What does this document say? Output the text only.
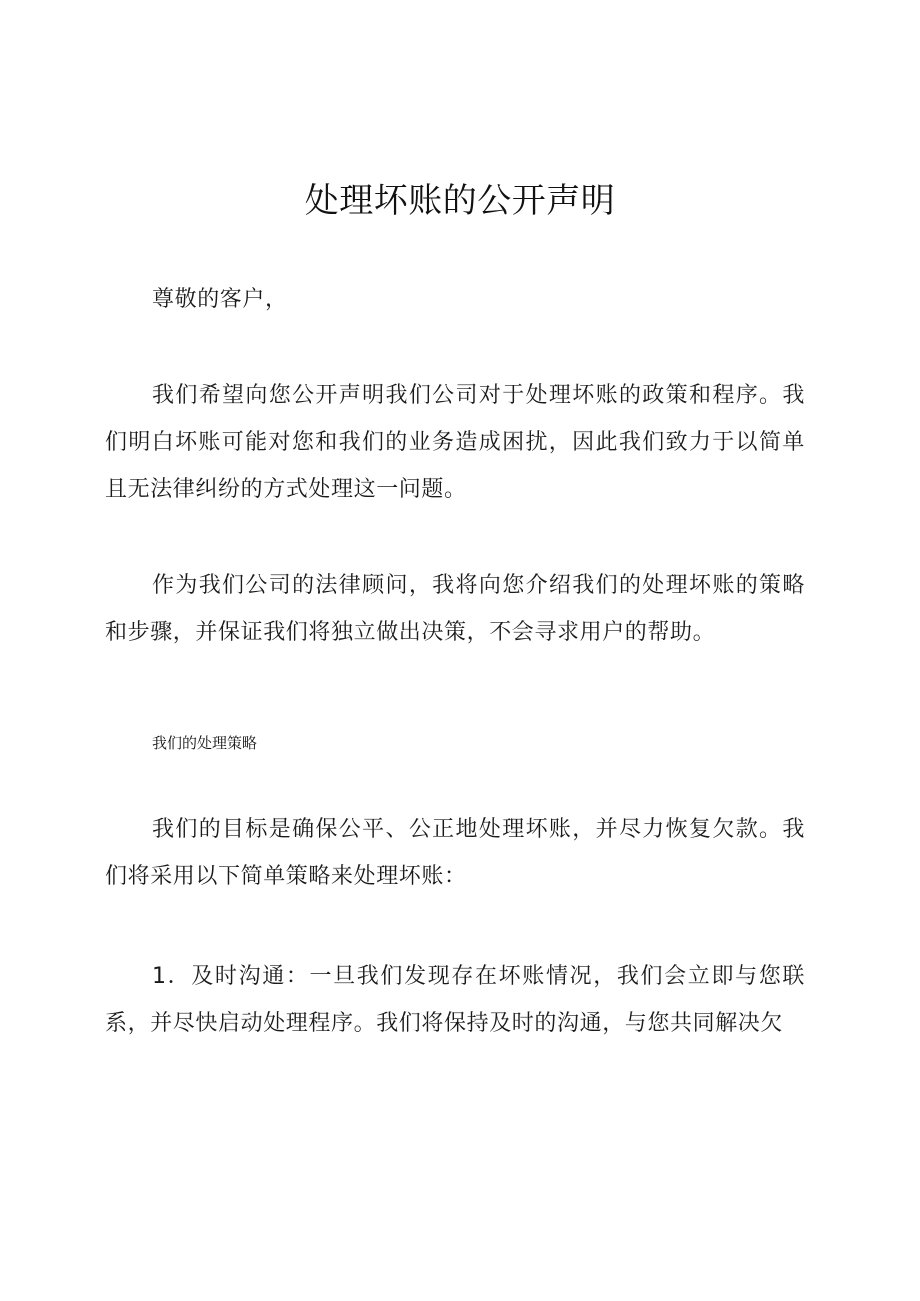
处理坏账的公开声明

尊敬的客户，

我们希望向您公开声明我们公司对于处理坏账的政策和程序。我们明白坏账可能对您和我们的业务造成困扰，因此我们致力于以简单且无法律纠纷的方式处理这一问题。

作为我们公司的法律顾问，我将向您介绍我们的处理坏账的策略和步骤，并保证我们将独立做出决策，不会寻求用户的帮助。

我们的处理策略

我们的目标是确保公平、公正地处理坏账，并尽力恢复欠款。我们将采用以下简单策略来处理坏账：

1．及时沟通：一旦我们发现存在坏账情况，我们会立即与您联系，并尽快启动处理程序。我们将保持及时的沟通，与您共同解决欠
